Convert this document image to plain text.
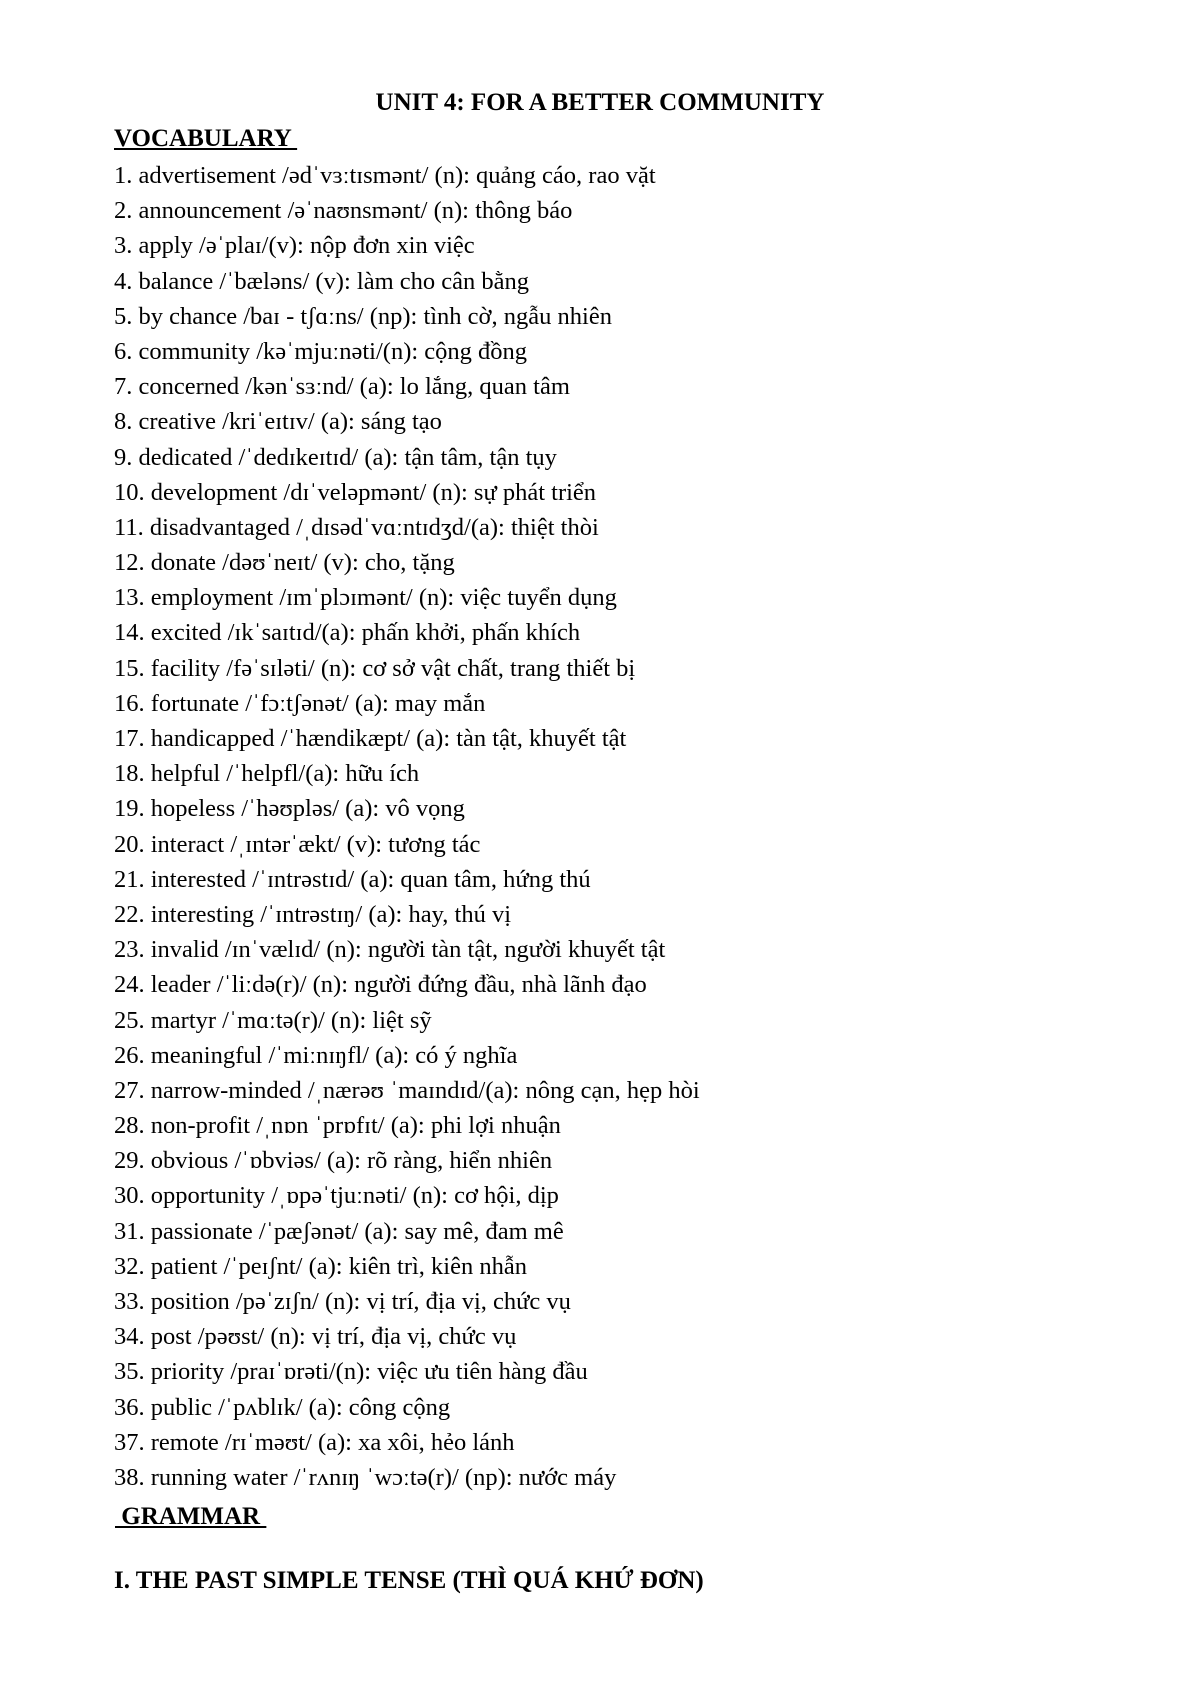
UNIT 4: FOR A BETTER COMMUNITY
VOCABULARY
1. advertisement /ədˈvɜːtɪsmənt/ (n): quảng cáo, rao vặt
2. announcement /əˈnaʊnsmənt/ (n): thông báo
3. apply /əˈplaɪ/(v): nộp đơn xin việc
4. balance /ˈbæləns/ (v): làm cho cân bằng
5. by chance /baɪ - tʃɑːns/ (np): tình cờ, ngẫu nhiên
6. community /kəˈmjuːnəti/(n): cộng đồng
7. concerned /kənˈsɜːnd/ (a): lo lắng, quan tâm
8. creative /kriˈeɪtɪv/ (a): sáng tạo
9. dedicated /ˈdedɪkeɪtɪd/ (a): tận tâm, tận tụy
10. development /dɪˈveləpmənt/ (n): sự phát triển
11. disadvantaged /ˌdɪsədˈvɑːntɪdʒd/(a): thiệt thòi
12. donate /dəʊˈneɪt/ (v): cho, tặng
13. employment /ɪmˈplɔɪmənt/ (n): việc tuyển dụng
14. excited /ɪkˈsaɪtɪd/(a): phấn khởi, phấn khích
15. facility /fəˈsɪləti/ (n): cơ sở vật chất, trang thiết bị
16. fortunate /ˈfɔːtʃənət/ (a): may mắn
17. handicapped /ˈhændikæpt/ (a): tàn tật, khuyết tật
18. helpful /ˈhelpfl/(a): hữu ích
19. hopeless /ˈhəʊpləs/ (a): vô vọng
20. interact /ˌɪntərˈækt/ (v): tương tác
21. interested /ˈɪntrəstɪd/ (a): quan tâm, hứng thú
22. interesting /ˈɪntrəstɪŋ/ (a): hay, thú vị
23. invalid /ɪnˈvælɪd/ (n): người tàn tật, người khuyết tật
24. leader /ˈliːdə(r)/ (n): người đứng đầu, nhà lãnh đạo
25. martyr /ˈmɑːtə(r)/ (n): liệt sỹ
26. meaningful /ˈmiːnɪŋfl/ (a): có ý nghĩa
27. narrow-minded /ˌnærəʊ ˈmaɪndɪd/(a): nông cạn, hẹp hòi
28. non-profit /ˌnɒn ˈprɒfɪt/ (a): phi lợi nhuận
29. obvious /ˈɒbviəs/ (a): rõ ràng, hiển nhiên
30. opportunity /ˌɒpəˈtjuːnəti/ (n): cơ hội, dịp
31. passionate /ˈpæʃənət/ (a): say mê, đam mê
32. patient /ˈpeɪʃnt/ (a): kiên trì, kiên nhẫn
33. position /pəˈzɪʃn/ (n): vị trí, địa vị, chức vụ
34. post /pəʊst/ (n): vị trí, địa vị, chức vụ
35. priority /praɪˈɒrəti/(n): việc ưu tiên hàng đầu
36. public /ˈpʌblɪk/ (a): công cộng
37. remote /rɪˈməʊt/ (a): xa xôi, hẻo lánh
38. running water /ˈrʌnɪŋ ˈwɔːtə(r)/ (np): nước máy
GRAMMAR
I. THE PAST SIMPLE TENSE (THÌ QUÁ KHỨ ĐƠN)
